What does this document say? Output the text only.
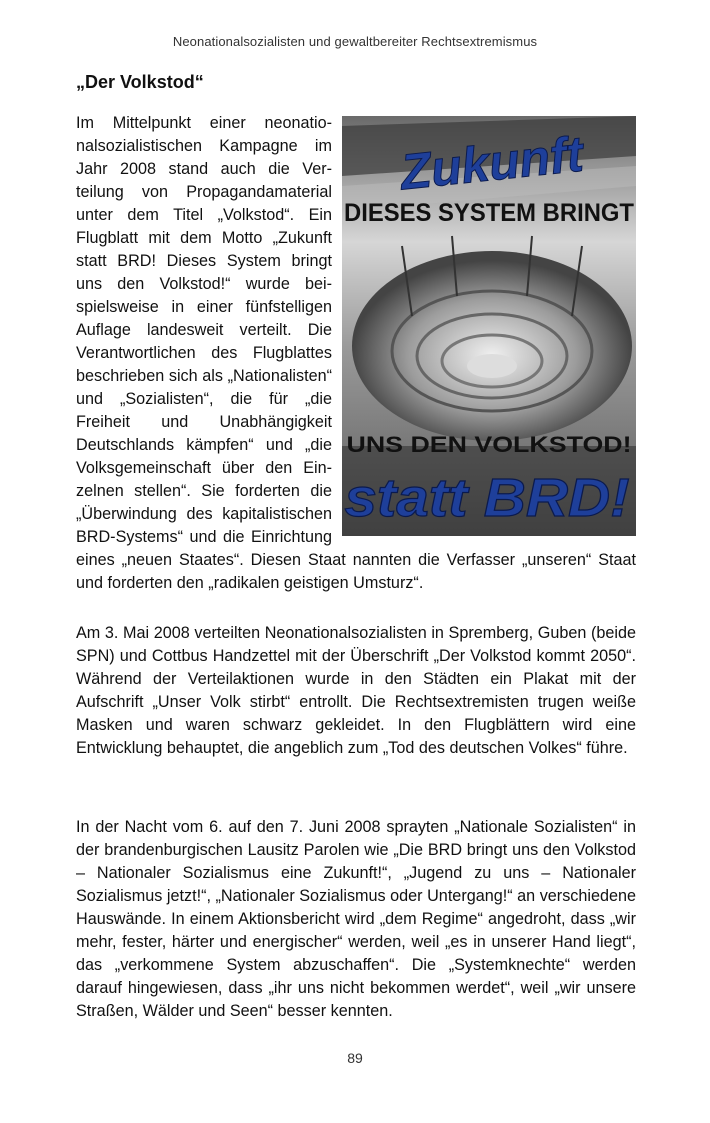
Neonationalsozialisten und gewaltbereiter Rechtsextremismus
„Der Volkstod“
Zukunft
DIESES SYSTEM BRINGT
UNS DEN VOLKSTOD!
statt BRD!
Im Mittelpunkt einer neonationalsozialistischen Kampagne im Jahr 2008 stand auch die Verteilung von Propagandamaterial unter dem Titel „Volkstod“. Ein Flugblatt mit dem Motto „Zukunft statt BRD! Dieses System bringt uns den Volkstod!“ wurde beispielsweise in einer fünfstelligen Auflage landesweit verteilt. Die Verantwortlichen des Flugblattes beschrieben sich als „Nationalisten“ und „Sozialisten“, die für „die Freiheit und Unabhängigkeit Deutschlands kämpfen“ und „die Volksgemeinschaft über den Einzelnen stellen“. Sie forderten die „Überwindung des kapitalistischen BRD-Systems“ und die Einrichtung eines „neuen Staates“. Diesen Staat nannten die Verfasser „unseren“ Staat und forderten den „radikalen geistigen Umsturz“.
Am 3. Mai 2008 verteilten Neonationalsozialisten in Spremberg, Guben (beide SPN) und Cottbus Handzettel mit der Überschrift „Der Volkstod kommt 2050“. Während der Verteilaktionen wurde in den Städten ein Plakat mit der Aufschrift „Unser Volk stirbt“ entrollt. Die Rechtsextremisten trugen weiße Masken und waren schwarz gekleidet. In den Flugblättern wird eine Entwicklung behauptet, die angeblich zum „Tod des deutschen Volkes“ führe.
In der Nacht vom 6. auf den 7. Juni 2008 sprayten „Nationale Sozialisten“ in der brandenburgischen Lausitz Parolen wie „Die BRD bringt uns den Volkstod – Nationaler Sozialismus eine Zukunft!“, „Jugend zu uns – Nationaler Sozialismus jetzt!“, „Nationaler Sozialismus oder Untergang!“ an verschiedene Hauswände. In einem Aktionsbericht wird „dem Regime“ angedroht, dass „wir mehr, fester, härter und energischer“ werden, weil „es in unserer Hand liegt“, das „verkommene System abzuschaffen“. Die „Systemknechte“ werden darauf hingewiesen, dass „ihr uns nicht bekommen werdet“, weil „wir unsere Straßen, Wälder und Seen“ besser kennten.
89
